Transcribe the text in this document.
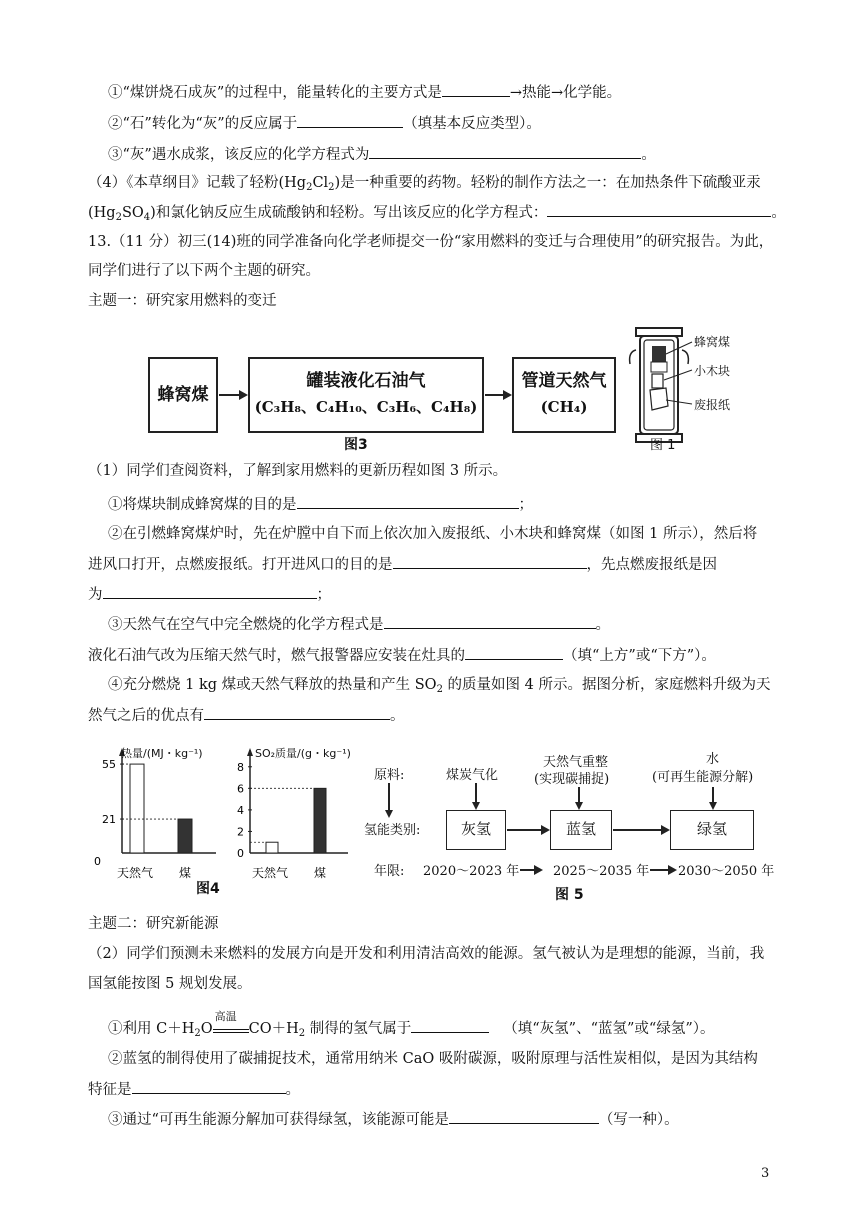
①“煤饼烧石成灰”的过程中，能量转化的主要方式是	→热能→化学能。
②“石”转化为“灰”的反应属于	（填基本反应类型）。
③“灰”遇水成浆，该反应的化学方程式为	。
（4）《本草纲目》记载了轻粉$(Hg_2Cl_2)$是一种重要的药物。轻粉的制作方法之一：在加热条件下硫酸亚汞
$(Hg_2SO_4)$和氯化钠反应生成硫酸钠和轻粉。写出该反应的化学方程式：	。
13.（11 分）初三(14)班的同学准备向化学老师提交一份“家用燃料的变迁与合理使用”的研究报告。为此，
同学们进行了以下两个主题的研究。
主题一：研究家用燃料的变迁
蜂窝煤
罐装液化石油气
(C₃H₈、C₄H₁₀、C₃H₆、C₄H₈)
管道天然气
(CH₄)
图3
蜂窝煤
小木块
废报纸
图 1
（1）同学们查阅资料，了解到家用燃料的更新历程如图 3 所示。
①将煤块制成蜂窝煤的目的是	；
②在引燃蜂窝煤炉时，先在炉膛中自下而上依次加入废报纸、小木块和蜂窝煤（如图 1 所示），然后将
进风口打开，点燃废报纸。打开进风口的目的是	，先点燃废报纸是因
为	；
③天然气在空气中完全燃烧的化学方程式是	。
液化石油气改为压缩天然气时，燃气报警器应安装在灶具的	（填“上方”或“下方”）。
④充分燃烧 1 kg 煤或天然气释放的热量和产生 $SO_2$ 的质量如图 4 所示。据图分析，家庭燃料升级为天
然气之后的优点有	。
55
21
天然气 煤
0
8
6
4
2
0
天然气 煤
热量/(MJ・kg⁻¹)	SO₂质量/(g・kg⁻¹)
图4
原料:
氢能类别:
年限:
煤炭气化
天然气重整
(实现碳捕捉)
水
(可再生能源分解)
灰氢	蓝氢	绿氢
2020～2023 年	2025～2035 年 2030～2050 年
图 5
主题二：研究新能源
（2）同学们预测未来燃料的发展方向是开发和利用清洁高效的能源。氢气被认为是理想的能源，当前，我
国氢能按图 5 规划发展。
①利用 $C+H_2O$
高温
$CO+H_2$ 制得的氢气属于	（填“灰氢”、“蓝氢”或“绿氢”）。
②蓝氢的制得使用了碳捕捉技术，通常用纳米 CaO 吸附碳源，吸附原理与活性炭相似，是因为其结构
特征是	。
③通过“可再生能源分解加可获得绿氢，该能源可能是	（写一种）。
3
